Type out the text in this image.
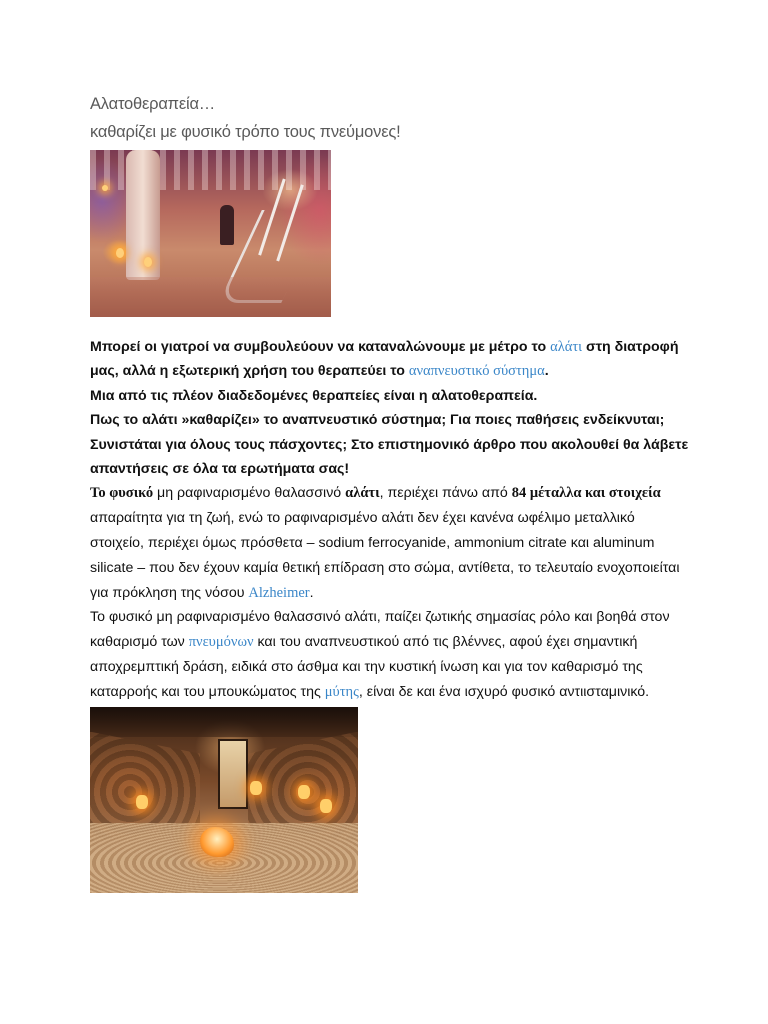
Αλατοθεραπεία…

καθαρίζει με φυσικό τρόπο τους πνεύμονες!

Μπορεί οι γιατροί να συμβουλεύουν να καταναλώνουμε με μέτρο το αλάτι στη διατροφή μας, αλλά η εξωτερική χρήση του θεραπεύει το αναπνευστικό σύστημα.

Μια από τις πλέον διαδεδομένες θεραπείες είναι η αλατοθεραπεία.

Πως το αλάτι »καθαρίζει» το αναπνευστικό σύστημα; Για ποιες παθήσεις ενδείκνυται; Συνιστάται για όλους τους πάσχοντες; Στο επιστημονικό άρθρο που ακολουθεί θα λάβετε απαντήσεις σε όλα τα ερωτήματα σας!

Το φυσικό μη ραφιναρισμένο θαλασσινό αλάτι, περιέχει πάνω από 84 μέταλλα και στοιχεία απαραίτητα για τη ζωή, ενώ το ραφιναρισμένο αλάτι δεν έχει κανένα ωφέλιμο μεταλλικό στοιχείο, περιέχει όμως πρόσθετα – sodium ferrocyanide, ammonium citrate και aluminum silicate – που δεν έχουν καμία θετική επίδραση στο σώμα, αντίθετα, το τελευταίο ενοχοποιείται για πρόκληση της νόσου Alzheimer.

Το φυσικό μη ραφιναρισμένο θαλασσινό αλάτι, παίζει ζωτικής σημασίας ρόλο και βοηθά στον καθαρισμό των πνευμόνων και του αναπνευστικού από τις βλέννες, αφού έχει σημαντική αποχρεμπτική δράση, ειδικά στο άσθμα και την κυστική ίνωση και για τον καθαρισμό της καταρροής και του μπουκώματος της μύτης, είναι δε και ένα ισχυρό φυσικό αντιισταμινικό.
